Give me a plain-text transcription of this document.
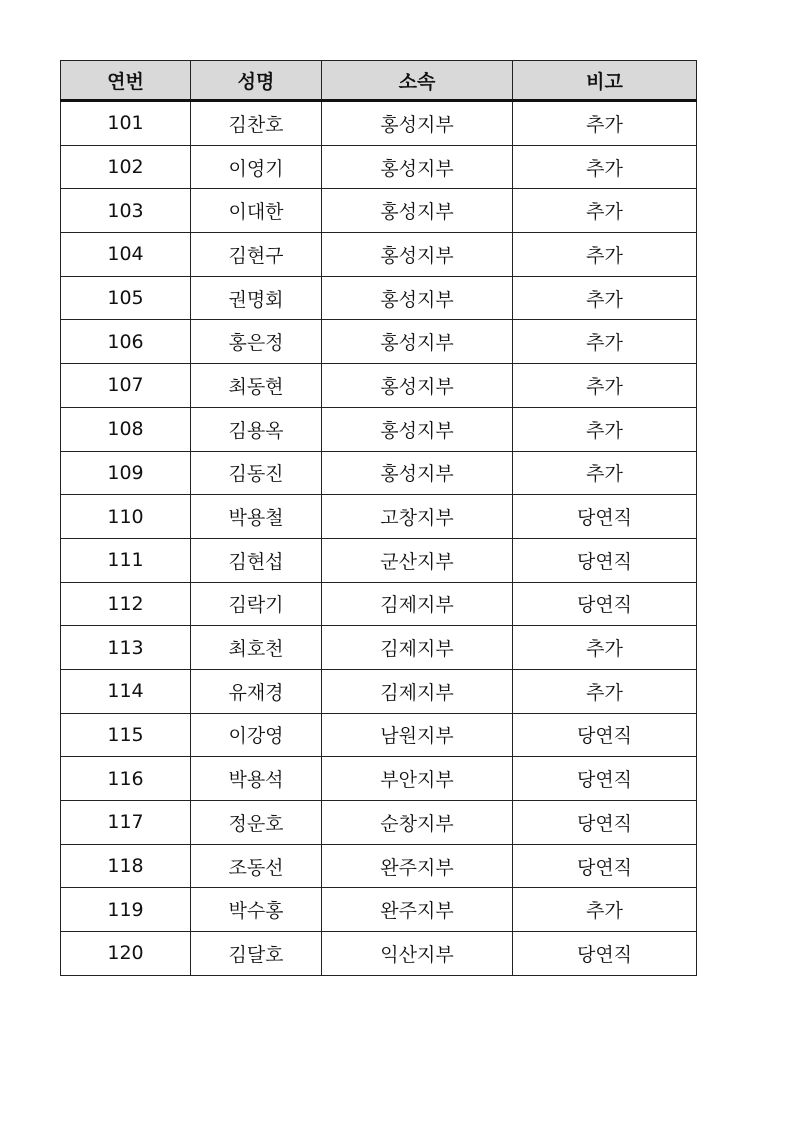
연번	성명	소속	비고
101	김찬호	홍성지부	추가
102	이영기	홍성지부	추가
103	이대한	홍성지부	추가
104	김현구	홍성지부	추가
105	권명회	홍성지부	추가
106	홍은정	홍성지부	추가
107	최동현	홍성지부	추가
108	김용옥	홍성지부	추가
109	김동진	홍성지부	추가
110	박용철	고창지부	당연직
111	김현섭	군산지부	당연직
112	김락기	김제지부	당연직
113	최호천	김제지부	추가
114	유재경	김제지부	추가
115	이강영	남원지부	당연직
116	박용석	부안지부	당연직
117	정운호	순창지부	당연직
118	조동선	완주지부	당연직
119	박수홍	완주지부	추가
120	김달호	익산지부	당연직
